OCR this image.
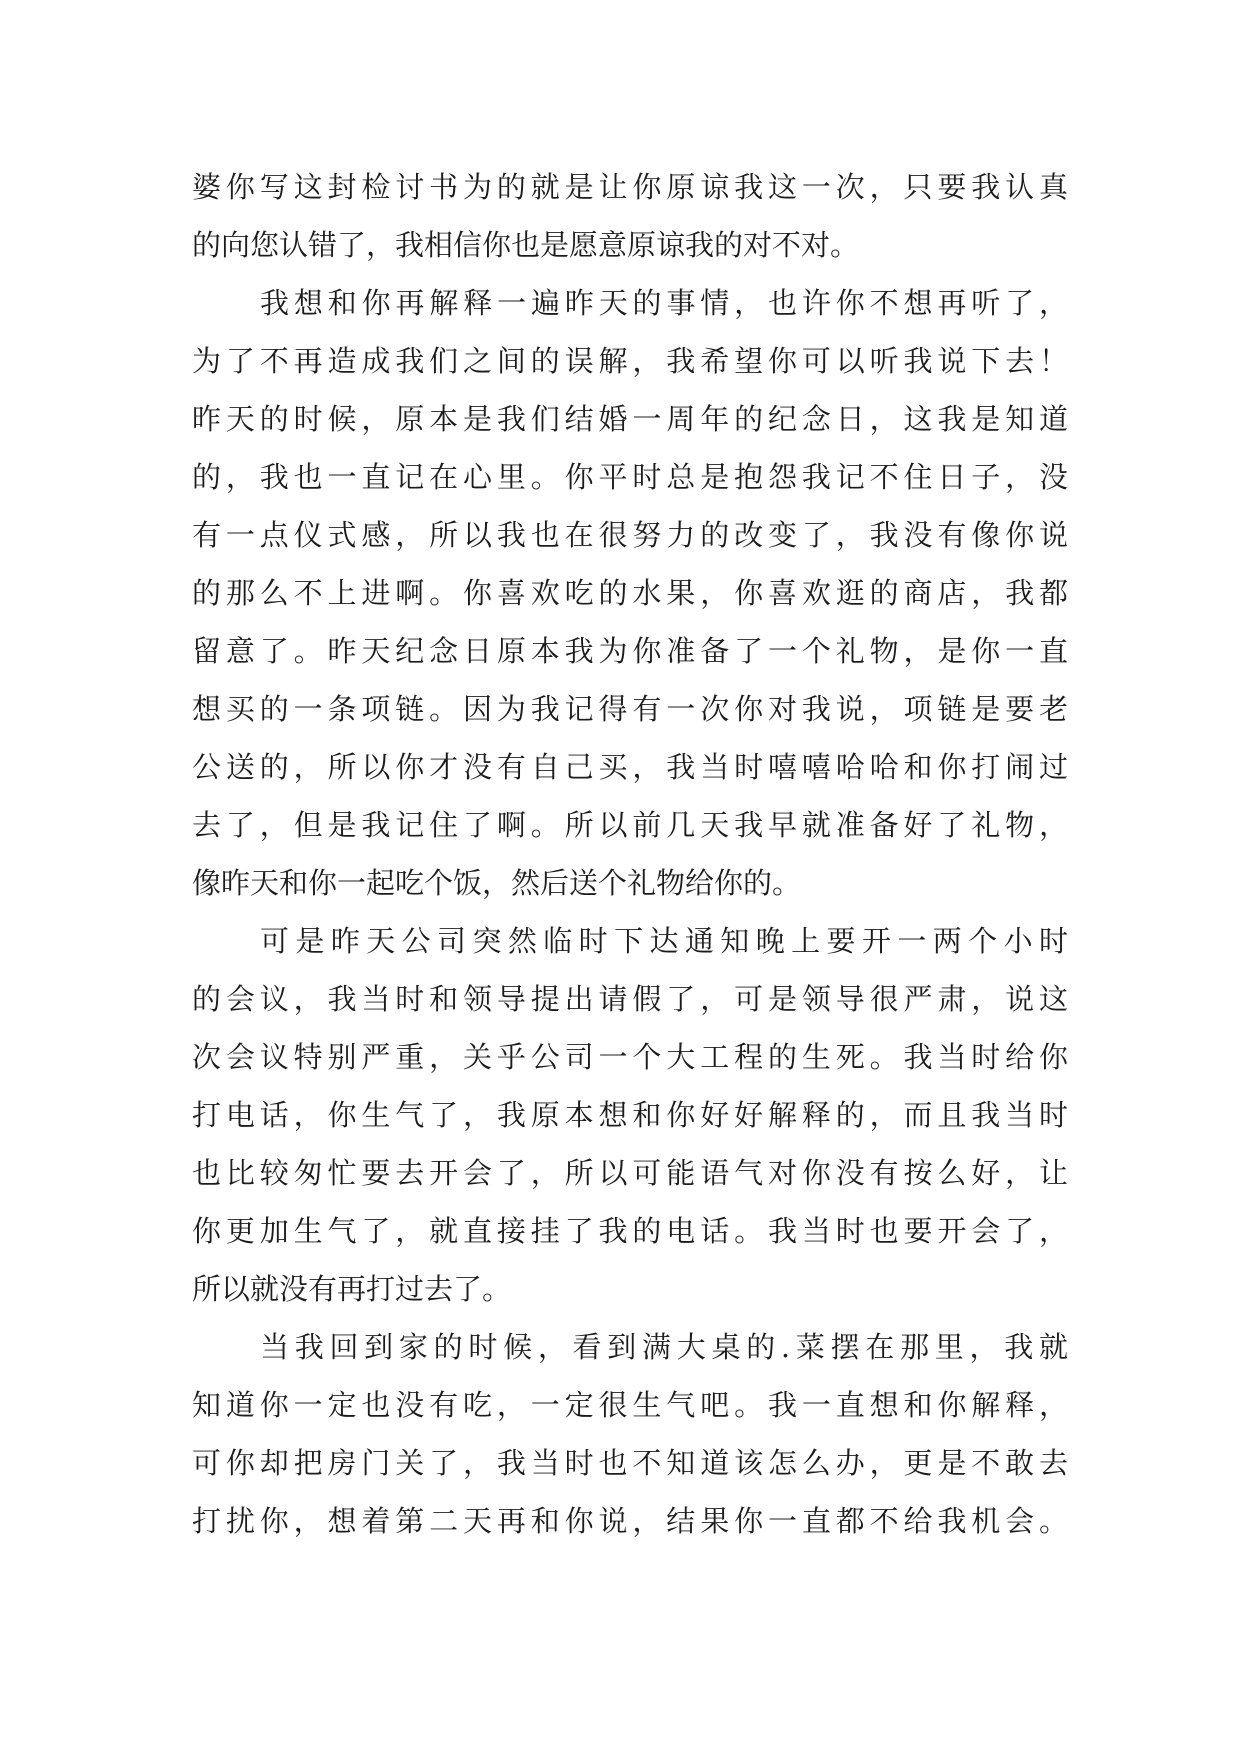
婆你写这封检讨书为的就是让你原谅我这一次，只要我认真
的向您认错了，我相信你也是愿意原谅我的对不对。
我想和你再解释一遍昨天的事情，也许你不想再听了，
为了不再造成我们之间的误解，我希望你可以听我说下去！
昨天的时候，原本是我们结婚一周年的纪念日，这我是知道
的，我也一直记在心里。你平时总是抱怨我记不住日子，没
有一点仪式感，所以我也在很努力的改变了，我没有像你说
的那么不上进啊。你喜欢吃的水果，你喜欢逛的商店，我都
留意了。昨天纪念日原本我为你准备了一个礼物，是你一直
想买的一条项链。因为我记得有一次你对我说，项链是要老
公送的，所以你才没有自己买，我当时嘻嘻哈哈和你打闹过
去了，但是我记住了啊。所以前几天我早就准备好了礼物，
像昨天和你一起吃个饭，然后送个礼物给你的。
可是昨天公司突然临时下达通知晚上要开一两个小时
的会议，我当时和领导提出请假了，可是领导很严肃，说这
次会议特别严重，关乎公司一个大工程的生死。我当时给你
打电话，你生气了，我原本想和你好好解释的，而且我当时
也比较匆忙要去开会了，所以可能语气对你没有按么好，让
你更加生气了，就直接挂了我的电话。我当时也要开会了，
所以就没有再打过去了。
当我回到家的时候，看到满大桌的.菜摆在那里，我就
知道你一定也没有吃，一定很生气吧。我一直想和你解释，
可你却把房门关了，我当时也不知道该怎么办，更是不敢去
打扰你，想着第二天再和你说，结果你一直都不给我机会。
